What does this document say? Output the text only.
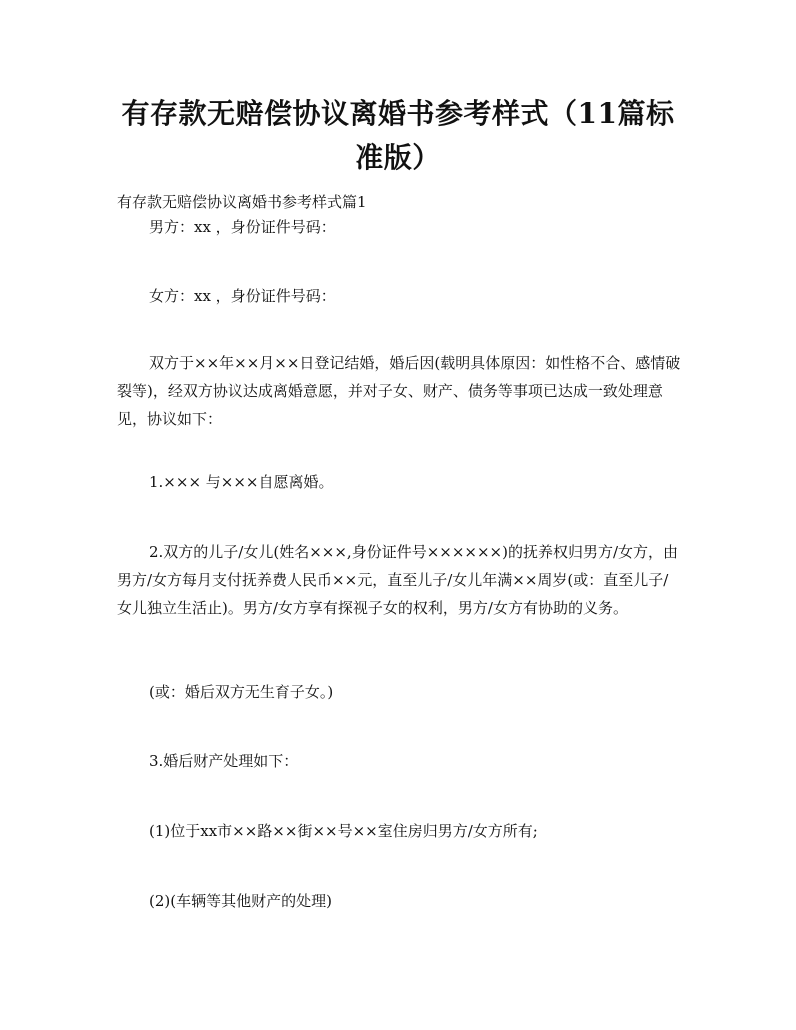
有存款无赔偿协议离婚书参考样式（11篇标准版）
有存款无赔偿协议离婚书参考样式篇1
男方：xx ，身份证件号码：
女方：xx ，身份证件号码：
双方于××年××月××日登记结婚，婚后因(载明具体原因：如性格不合、感情破裂等)，经双方协议达成离婚意愿，并对子女、财产、债务等事项已达成一致处理意见，协议如下：
1.××× 与×××自愿离婚。
2.双方的儿子/女儿(姓名×××,身份证件号××××××)的抚养权归男方/女方，由男方/女方每月支付抚养费人民币××元，直至儿子/女儿年满××周岁(或：直至儿子/女儿独立生活止)。男方/女方享有探视子女的权利，男方/女方有协助的义务。
(或：婚后双方无生育子女。)
3.婚后财产处理如下：
(1)位于xx市××路××街××号××室住房归男方/女方所有;
(2)(车辆等其他财产的处理)
